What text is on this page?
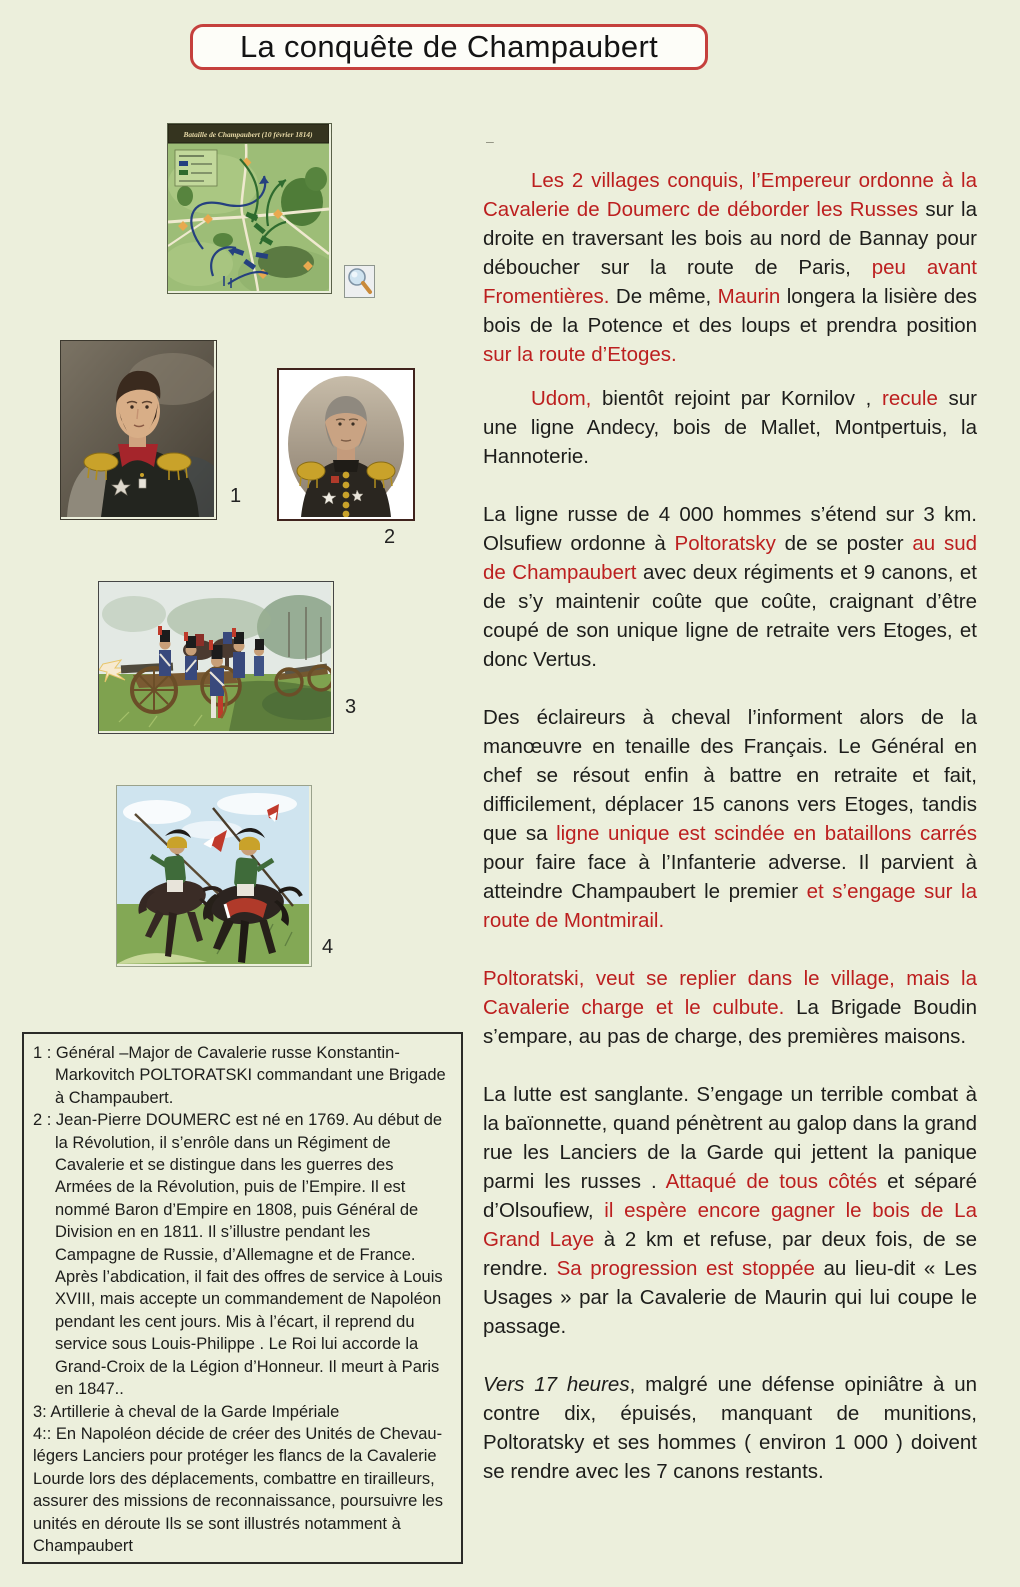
La conquête de Champaubert
Bataille de Champaubert (10 février 1814)
1
2
3
4
–

Les 2 villages conquis, l’Empereur ordonne à la Cavalerie de Doumerc de déborder les Russes sur la droite en traversant les bois au nord de Bannay pour déboucher sur la route de Paris, peu avant Fromentières. De même, Maurin longera la lisière des bois de la Potence et des loups et prendra position sur la route d’Etoges.

Udom, bientôt rejoint par Kornilov , recule sur une ligne Andecy, bois de Mallet, Montpertuis, la Hannoterie.

La ligne russe de 4 000 hommes s’étend sur 3 km. Olsufiew ordonne à Poltoratsky de se poster au sud de Champaubert avec deux régiments et 9 canons, et de s’y maintenir coûte que coûte, craignant d’être coupé de son unique ligne de retraite vers Etoges, et donc Vertus.

Des éclaireurs à cheval l’informent alors de la manœuvre en tenaille des Français. Le Général en chef se résout enfin à battre en retraite et fait, difficilement, déplacer 15 canons vers Etoges, tandis que sa ligne unique est scindée en bataillons carrés pour faire face à l’Infanterie adverse. Il parvient à atteindre Champaubert le premier et s’engage sur la route de Montmirail.

Poltoratski, veut se replier dans le village, mais la Cavalerie charge et le culbute. La Brigade Boudin s’empare, au pas de charge, des premières maisons.

La lutte est sanglante. S’engage un terrible combat à la baïonnette, quand pénètrent au galop dans la grand rue les Lanciers de la Garde qui jettent la panique parmi les russes . Attaqué de tous côtés et séparé d’Olsoufiew, il espère encore gagner le bois de La Grand Laye à 2 km et refuse, par deux fois, de se rendre. Sa progression est stoppée au lieu-dit « Les Usages » par la Cavalerie de Maurin qui lui coupe le passage.

Vers 17 heures, malgré une défense opiniâtre à un contre dix, épuisés, manquant de munitions, Poltoratsky et ses hommes ( environ 1 000 ) doivent se rendre avec les 7 canons restants.

1 : Général –Major de Cavalerie russe Konstantin-Markovitch POLTORATSKI commandant une Brigade à Champaubert.
2 : Jean-Pierre DOUMERC est né en 1769. Au début de la Révolution, il s’enrôle dans un Régiment de Cavalerie et se distingue dans les guerres des Armées de la Révolution, puis de l’Empire. Il est nommé Baron d’Empire en 1808, puis Général de Division en en 1811. Il s’illustre pendant les Campagne de Russie, d’Allemagne et de France. Après l’abdication, il fait des offres de service à Louis XVIII, mais accepte un commandement de Napoléon pendant les cent jours. Mis à l’écart, il reprend du service sous Louis-Philippe . Le Roi lui accorde la Grand-Croix de la Légion d’Honneur. Il meurt à Paris en 1847..
3: Artillerie à cheval de la Garde Impériale
4:: En Napoléon décide de créer des Unités de Chevau-légers Lanciers pour protéger les flancs de la Cavalerie Lourde lors des déplacements, combattre en tirailleurs, assurer des missions de reconnaissance, poursuivre les unités en déroute Ils se sont illustrés notamment à Champaubert
